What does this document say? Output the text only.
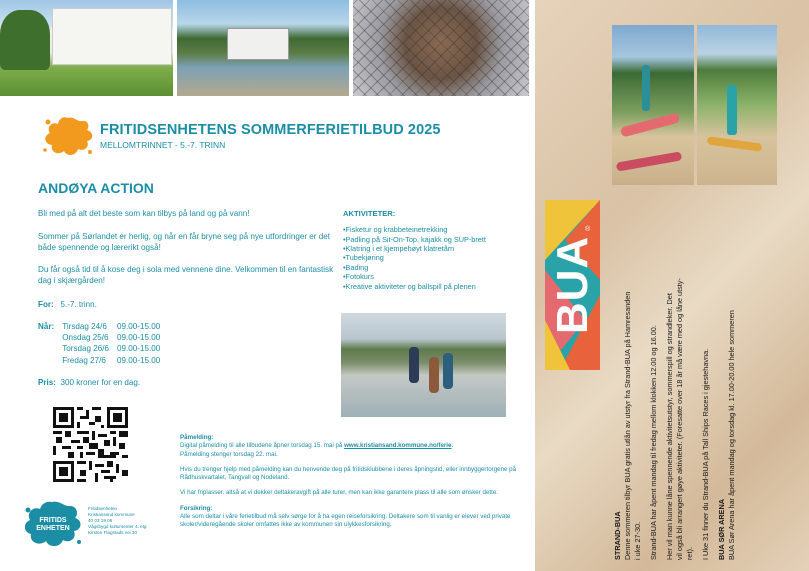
FRITIDSENHETENS SOMMERFERIETILBUD 2025
MELLOMTRINNET - 5.-7. TRINN
ANDØYA ACTION
Bli med på alt det beste som kan tilbys på land og på vann!
Sommer på Sørlandet er herlig, og når en får bryne seg på nye utfordringer er det både spennende og lærerikt også!
Du får også tid til å kose deg i sola med vennene dine. Velkommen til en fantastisk dag i skjærgården!
For: 5.-7. trinn.
Når:	Tirsdag 24/6	09.00-15.00
	Onsdag 25/6	09.00-15.00
	Torsdag 26/6	09.00-15.00
	Fredag 27/6	09.00-15.00
Pris: 300 kroner for en dag.
AKTIVITETER:
•Fisketur og krabbeteinetrekking
•Padling på Sit-On-Top, kajakk og SUP-brett
•Klatring i et kjempehøyt klatretårn
•Tubekjøring
•Bading
•Fotokurs
•Kreative aktiviteter og ballspill på plenen
FRITIDS
ENHETEN
Fritidsenheten
Kristiansand kommune
40 03 19 06
Vågsbygd kultursenter 4. etg
Kirsten Flagstads vei 30
Påmelding:
Digital påmelding til alle tilbudene åpner torsdag 15. mai på www.kristiansand.kommune.no/ferie.
Påmelding stenger torsdag 22. mai.
Hvis du trenger hjelp med påmelding kan du henvende deg på fritidsklubbene i deres åpningstid, eller innbyggertorgene på Rådhuskvartalet, Tangvall og Nodeland.
Vi har friplasser. altså at vi dekker deltakeravgift på alle turer, men kan ikke garantere plass til alle som ønsker dette.
Forsikring:
Alle som deltar i våre ferietilbud må selv sørge for å ha egen reiseforsikring. Deltakere som til vanlig er elever ved private skoler/videregående skoler omfattes ikke av kommunen sin ulykkesforsikring.
BUA
®
STRAND-BUA Denne sommeren tilbyr BUA gratis utlån av utstyr fra Strand-BUA på Hamresanden i uke 27-30. Strand-BUA har åpent mandag til fredag mellom klokken 12.00 og 16.00. Her vil man kunne låne spennende aktivitetsutstyr, sommerspill og strandleker. Det vil også bli arrangert gøye aktiviteter. (Foresatte over 18 år må være med og låne utsty- ret). I Uke 31 finner du Strand-BUA på Tall Ships Races i gjestehavna. BUA SØR ARENA BUA Sør Arena har åpent mandag og torsdag kl. 17.00-20.00 hele sommeren
